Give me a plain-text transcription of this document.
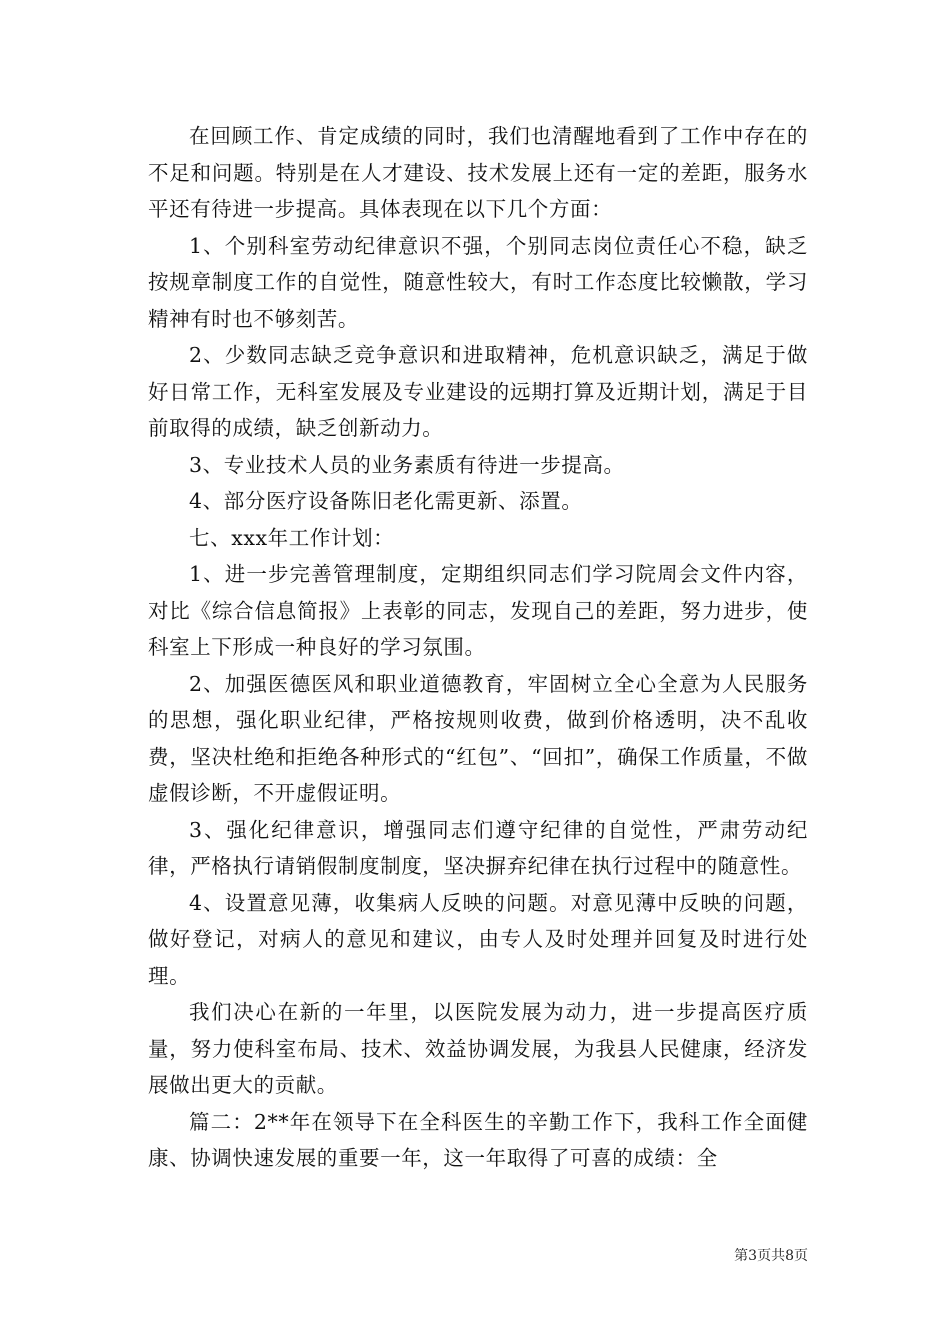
在回顾工作、肯定成绩的同时，我们也清醒地看到了工作中存在的不足和问题。特别是在人才建设、技术发展上还有一定的差距，服务水平还有待进一步提高。具体表现在以下几个方面：

1、个别科室劳动纪律意识不强，个别同志岗位责任心不稳，缺乏按规章制度工作的自觉性，随意性较大，有时工作态度比较懒散，学习精神有时也不够刻苦。

2、少数同志缺乏竞争意识和进取精神，危机意识缺乏，满足于做好日常工作，无科室发展及专业建设的远期打算及近期计划，满足于目前取得的成绩，缺乏创新动力。

3、专业技术人员的业务素质有待进一步提高。

4、部分医疗设备陈旧老化需更新、添置。

七、xxx年工作计划：

1、进一步完善管理制度，定期组织同志们学习院周会文件内容，对比《综合信息简报》上表彰的同志，发现自己的差距，努力进步，使科室上下形成一种良好的学习氛围。

2、加强医德医风和职业道德教育，牢固树立全心全意为人民服务的思想，强化职业纪律，严格按规则收费，做到价格透明，决不乱收费，坚决杜绝和拒绝各种形式的“红包”、“回扣”，确保工作质量，不做虚假诊断，不开虚假证明。

3、强化纪律意识，增强同志们遵守纪律的自觉性，严肃劳动纪律，严格执行请销假制度制度，坚决摒弃纪律在执行过程中的随意性。

4、设置意见薄，收集病人反映的问题。对意见薄中反映的问题，做好登记，对病人的意见和建议，由专人及时处理并回复及时进行处理。

我们决心在新的一年里，以医院发展为动力，进一步提高医疗质量，努力使科室布局、技术、效益协调发展，为我县人民健康，经济发展做出更大的贡献。

篇二：2**年在领导下在全科医生的辛勤工作下，我科工作全面健康、协调快速发展的重要一年，这一年取得了可喜的成绩：全

第3页共8页
